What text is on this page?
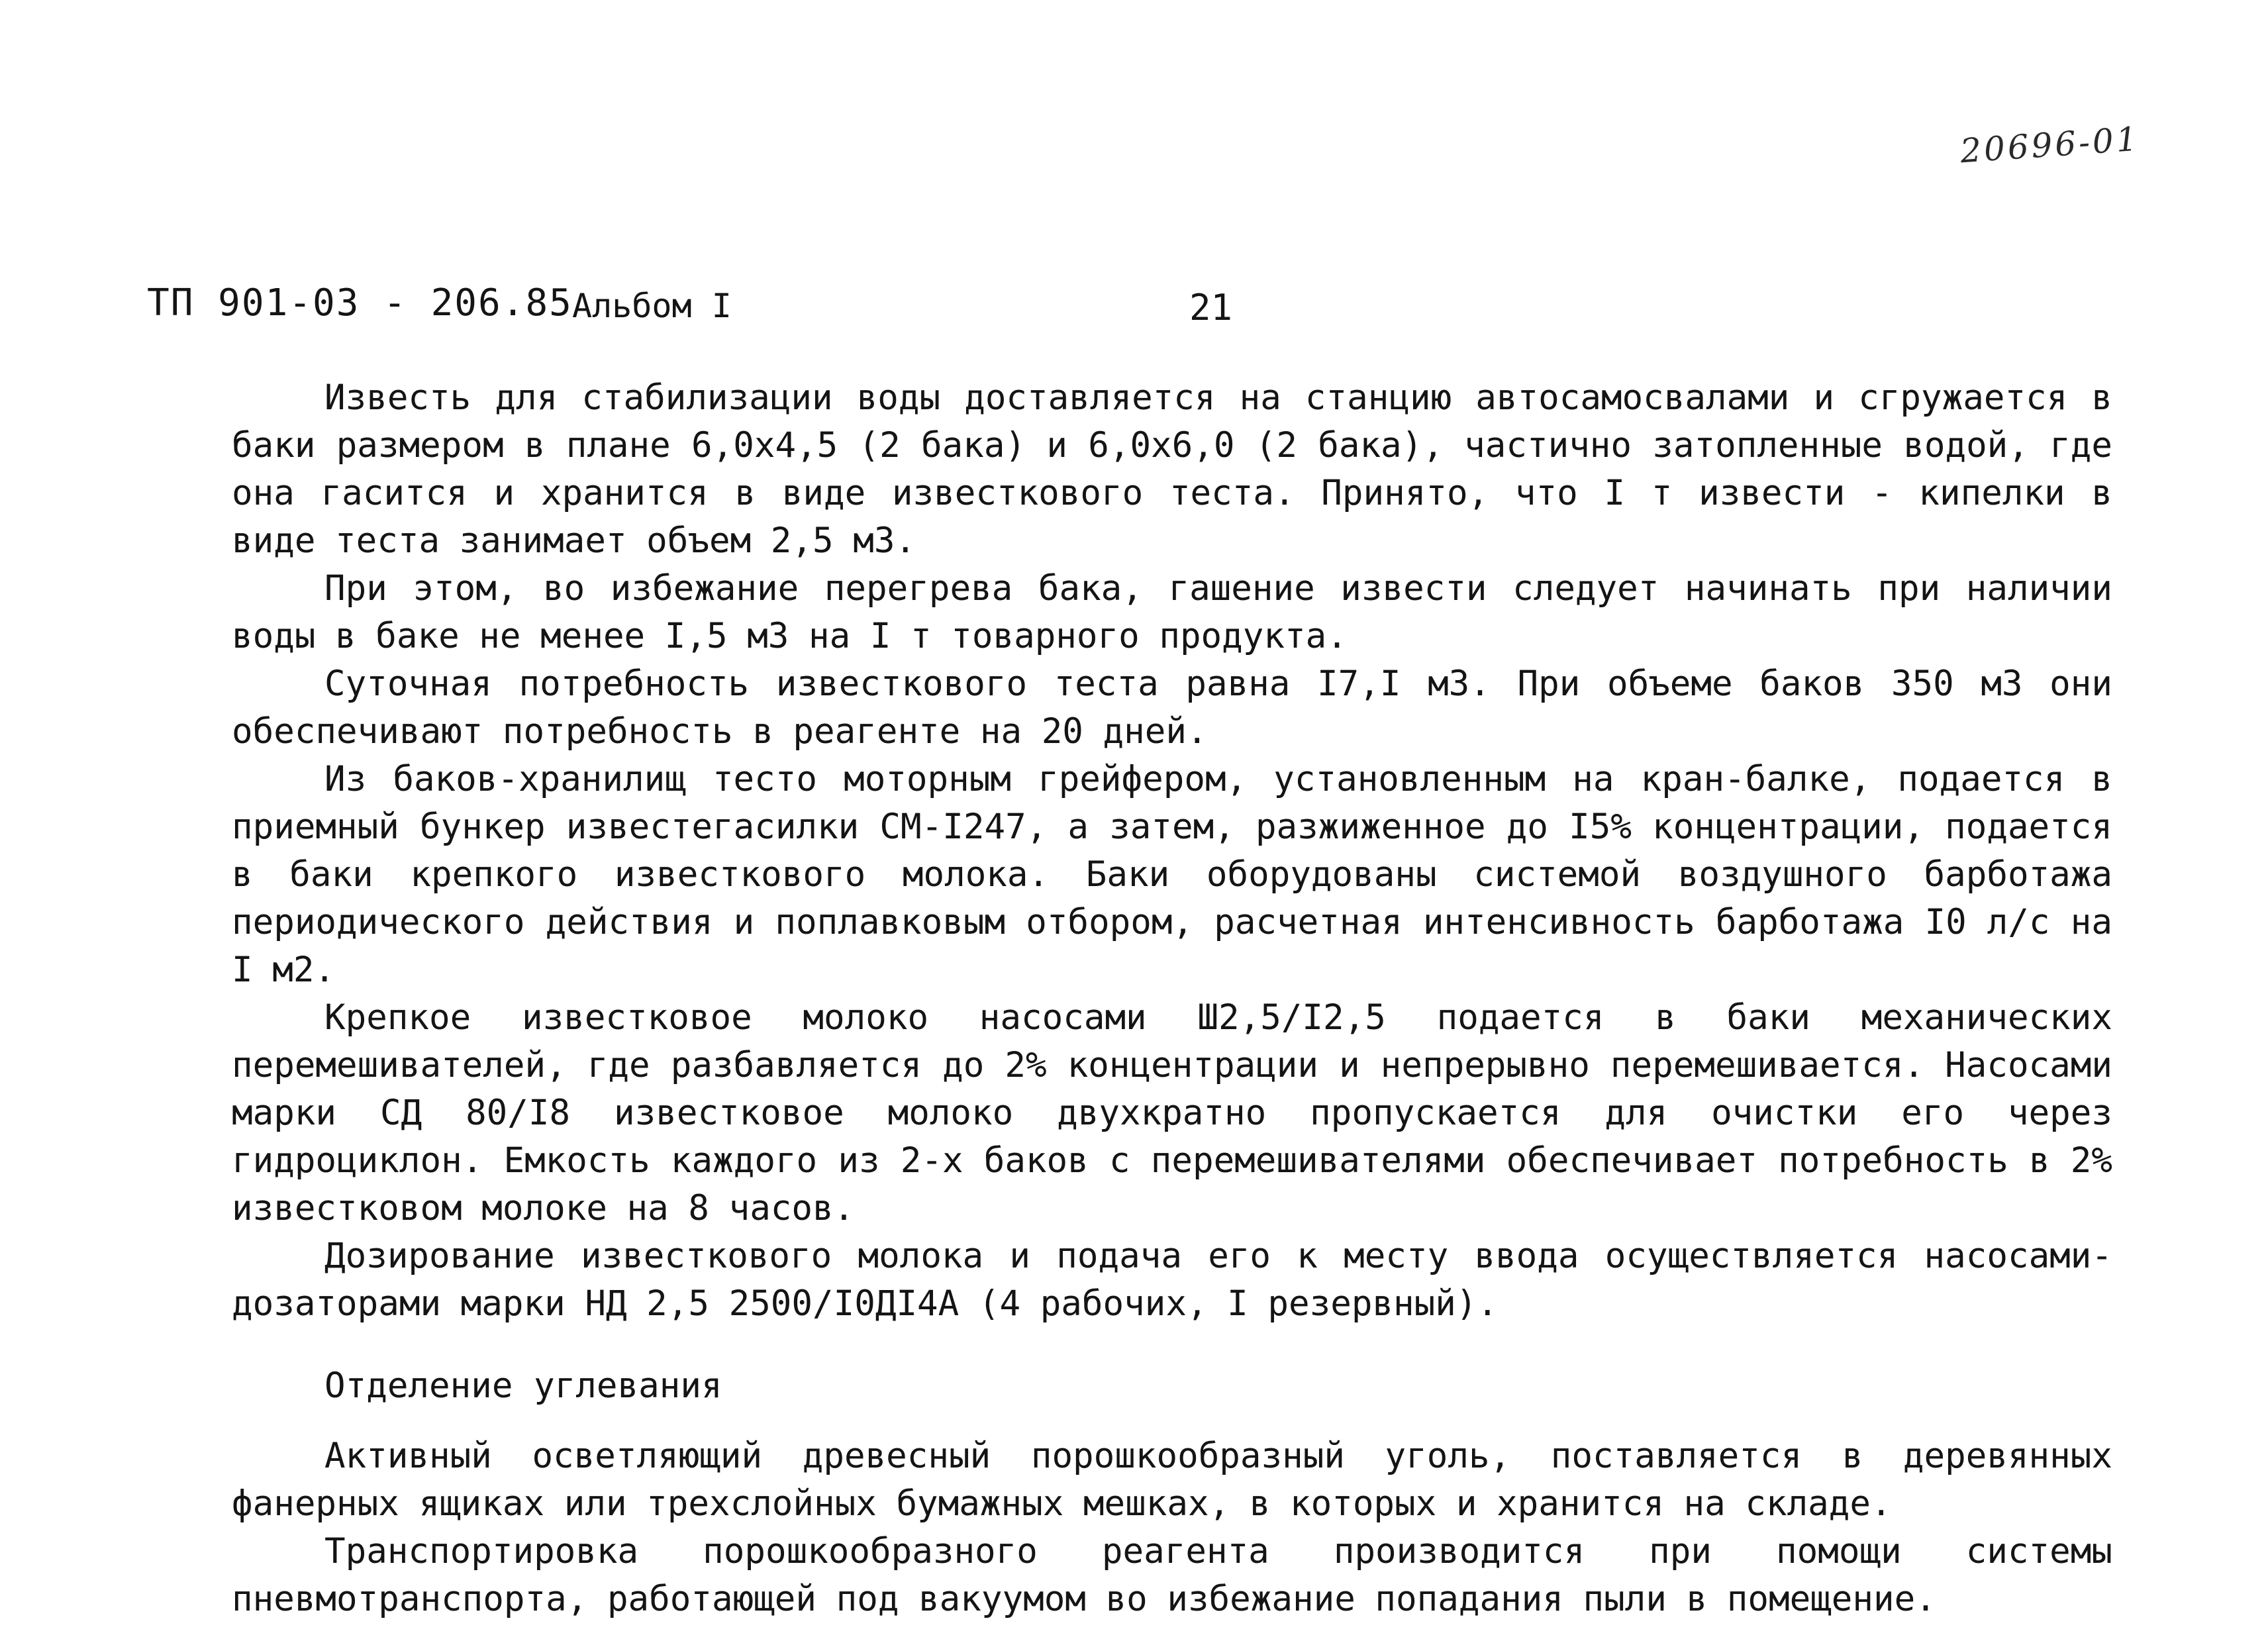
20696-01
ТП 901-03 - 206.85 Альбом I	21

Известь для стабилизации воды доставляется на станцию автосамосвалами и сгружается в баки размером в плане 6,0х4,5 (2 бака) и 6,0х6,0 (2 бака), частично затопленные водой, где она гасится и хранится в виде известкового теста. Принято, что I т извести - кипелки в виде теста занимает объем 2,5 м3.

При этом, во избежание перегрева бака, гашение извести следует начинать при наличии воды в баке не менее I,5 м3 на I т товарного продукта.

Суточная потребность известкового теста равна I7,I м3. При объеме баков 350 м3 они обеспечивают потребность в реагенте на 20 дней.

Из баков-хранилищ тесто моторным грейфером, установленным на кран-балке, подается в приемный бункер известегасилки СМ-I247, а затем, разжиженное до I5% концентрации, подается в баки крепкого известкового молока. Баки оборудованы системой воздушного барботажа периодического действия и поплавковым отбором, расчетная интенсивность барботажа I0 л/с на I м2.

Крепкое известковое молоко насосами Ш2,5/I2,5 подается в баки механических перемешивателей, где разбавляется до 2% концентрации и непрерывно перемешивается. Насосами марки СД 80/I8 известковое молоко двухкратно пропускается для очистки его через гидроциклон. Емкость каждого из 2-х баков с перемешивателями обеспечивает потребность в 2% известковом молоке на 8 часов.

Дозирование известкового молока и подача его к месту ввода осуществляется насосами-дозаторами марки НД 2,5 2500/I0ДI4А (4 рабочих, I резервный).

Отделение углевания

Активный осветляющий древесный порошкообразный уголь, поставляется в деревянных фанерных ящиках или трехслойных бумажных мешках, в которых и хранится на складе.

Транспортировка порошкообразного реагента производится при помощи системы пневмотранспорта, работающей под вакуумом во избежание попадания пыли в помещение.
